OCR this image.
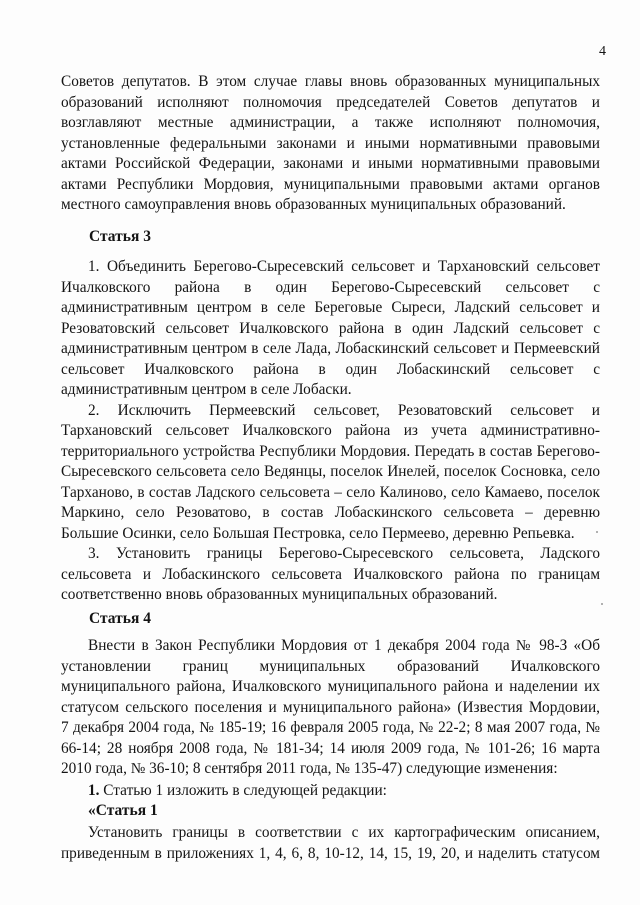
4

Советов депутатов. В этом случае главы вновь образованных муниципальных

образований исполняют полномочия председателей Советов депутатов и

возглавляют местные администрации, а также исполняют полномочия,

установленные федеральными законами и иными нормативными правовыми

актами Российской Федерации, законами и иными нормативными правовыми

актами Республики Мордовия, муниципальными правовыми актами органов

местного самоуправления вновь образованных муниципальных образований.

Статья 3

1. Объединить Берегово-Сыресевский сельсовет и Тархановский сельсовет

Ичалковского района в один Берегово-Сыресевский сельсовет с

административным центром в селе Береговые Сыреси, Ладский сельсовет и

Резоватовский сельсовет Ичалковского района в один Ладский сельсовет с

административным центром в селе Лада, Лобаскинский сельсовет и Пермеевский

сельсовет Ичалковского района в один Лобаскинский сельсовет с

административным центром в селе Лобаски.

2. Исключить Пермеевский сельсовет, Резоватовский сельсовет и

Тархановский сельсовет Ичалковского района из учета административно-

территориального устройства Республики Мордовия. Передать в состав Берегово-

Сыресевского сельсовета село Ведянцы, поселок Инелей, поселок Сосновка, село

Тарханово, в состав Ладского сельсовета – село Калиново, село Камаево, поселок

Маркино, село Резоватово, в состав Лобаскинского сельсовета – деревню

Большие Осинки, село Большая Пестровка, село Пермеево, деревню Репьевка.

3. Установить границы Берегово-Сыресевского сельсовета, Ладского

сельсовета и Лобаскинского сельсовета Ичалковского района по границам

соответственно вновь образованных муниципальных образований.

Статья 4

Внести в Закон Республики Мордовия от 1 декабря 2004 года № 98-З «Об

установлении границ муниципальных образований Ичалковского

муниципального района, Ичалковского муниципального района и наделении их

статусом сельского поселения и муниципального района» (Известия Мордовии,

7 декабря 2004 года, № 185-19; 16 февраля 2005 года, № 22-2; 8 мая 2007 года, №

66-14; 28 ноября 2008 года, № 181-34; 14 июля 2009 года, № 101-26; 16 марта

2010 года, № 36-10; 8 сентября 2011 года, № 135-47) следующие изменения:

1. Статью 1 изложить в следующей редакции:
«Статья 1

Установить границы в соответствии с их картографическим описанием,

приведенным в приложениях 1, 4, 6, 8, 10-12, 14, 15, 19, 20, и наделить статусом
